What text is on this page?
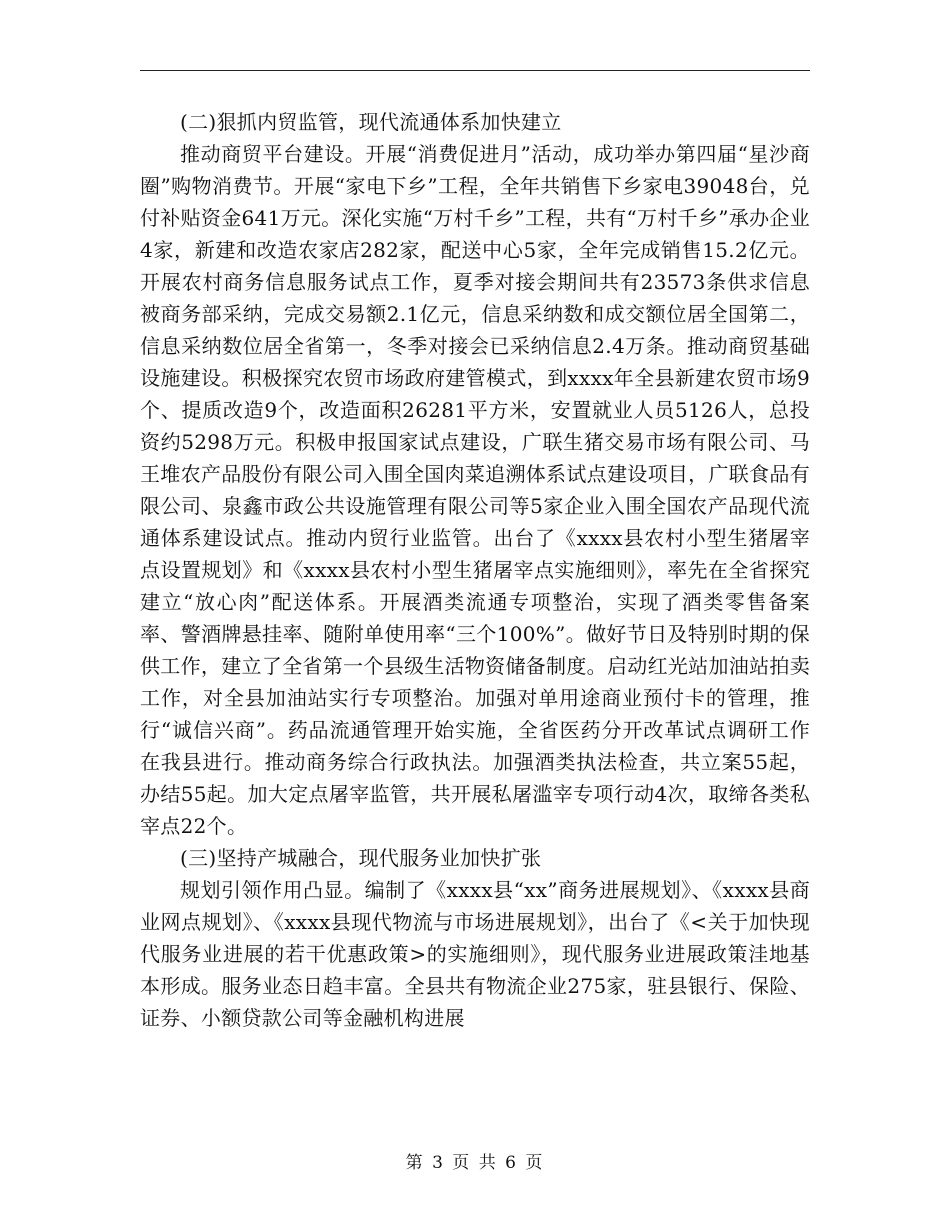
(二)狠抓内贸监管，现代流通体系加快建立

推动商贸平台建设。开展“消费促进月”活动，成功举办第四届“星沙商圈”购物消费节。开展“家电下乡”工程，全年共销售下乡家电39048台，兑付补贴资金641万元。深化实施“万村千乡”工程，共有“万村千乡”承办企业4家，新建和改造农家店282家，配送中心5家，全年完成销售15.2亿元。开展农村商务信息服务试点工作，夏季对接会期间共有23573条供求信息被商务部采纳，完成交易额2.1亿元，信息采纳数和成交额位居全国第二，信息采纳数位居全省第一，冬季对接会已采纳信息2.4万条。推动商贸基础设施建设。积极探究农贸市场政府建管模式，到xxxx年全县新建农贸市场9个、提质改造9个，改造面积26281平方米，安置就业人员5126人，总投资约5298万元。积极申报国家试点建设，广联生猪交易市场有限公司、马王堆农产品股份有限公司入围全国肉菜追溯体系试点建设项目，广联食品有限公司、泉鑫市政公共设施管理有限公司等5家企业入围全国农产品现代流通体系建设试点。推动内贸行业监管。出台了《xxxx县农村小型生猪屠宰点设置规划》和《xxxx县农村小型生猪屠宰点实施细则》，率先在全省探究建立“放心肉”配送体系。开展酒类流通专项整治，实现了酒类零售备案率、警酒牌悬挂率、随附单使用率“三个100%”。做好节日及特别时期的保供工作，建立了全省第一个县级生活物资储备制度。启动红光站加油站拍卖工作，对全县加油站实行专项整治。加强对单用途商业预付卡的管理，推行“诚信兴商”。药品流通管理开始实施，全省医药分开改革试点调研工作在我县进行。推动商务综合行政执法。加强酒类执法检查，共立案55起，办结55起。加大定点屠宰监管，共开展私屠滥宰专项行动4次，取缔各类私宰点22个。

(三)坚持产城融合，现代服务业加快扩张

规划引领作用凸显。编制了《xxxx县“xx”商务进展规划》、《xxxx县商业网点规划》、《xxxx县现代物流与市场进展规划》，出台了《<关于加快现代服务业进展的若干优惠政策>的实施细则》，现代服务业进展政策洼地基本形成。服务业态日趋丰富。全县共有物流企业275家，驻县银行、保险、证券、小额贷款公司等金融机构进展

第 3 页 共 6 页
